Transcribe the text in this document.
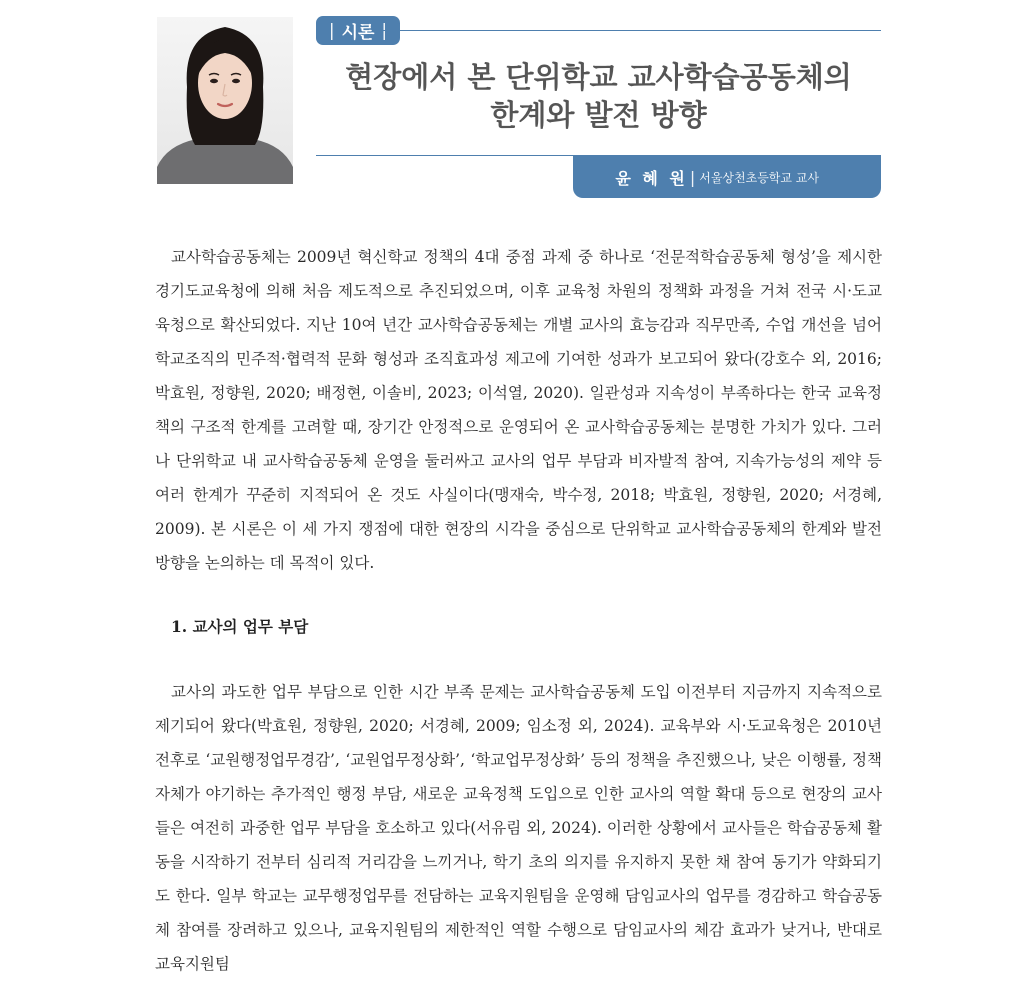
| 시론
현장에서 본 단위학교 교사학습공동체의
한계와 발전 방향
윤 혜 원 | 서울상천초등학교 교사

교사학습공동체는 2009년 혁신학교 정책의 4대 중점 과제 중 하나로 ‘전문적학습공동체 형성’을 제시한 경기도교육청에 의해 처음 제도적으로 추진되었으며, 이후 교육청 차원의 정책화 과정을 거쳐 전국 시·도교육청으로 확산되었다. 지난 10여 년간 교사학습공동체는 개별 교사의 효능감과 직무만족, 수업 개선을 넘어 학교조직의 민주적·협력적 문화 형성과 조직효과성 제고에 기여한 성과가 보고되어 왔다(강호수 외, 2016; 박효원, 정향원, 2020; 배정현, 이솔비, 2023; 이석열, 2020). 일관성과 지속성이 부족하다는 한국 교육정책의 구조적 한계를 고려할 때, 장기간 안정적으로 운영되어 온 교사학습공동체는 분명한 가치가 있다. 그러나 단위학교 내 교사학습공동체 운영을 둘러싸고 교사의 업무 부담과 비자발적 참여, 지속가능성의 제약 등 여러 한계가 꾸준히 지적되어 온 것도 사실이다(맹재숙, 박수정, 2018; 박효원, 정향원, 2020; 서경혜, 2009). 본 시론은 이 세 가지 쟁점에 대한 현장의 시각을 중심으로 단위학교 교사학습공동체의 한계와 발전 방향을 논의하는 데 목적이 있다.

1. 교사의 업무 부담

교사의 과도한 업무 부담으로 인한 시간 부족 문제는 교사학습공동체 도입 이전부터 지금까지 지속적으로 제기되어 왔다(박효원, 정향원, 2020; 서경혜, 2009; 임소정 외, 2024). 교육부와 시·도교육청은 2010년 전후로 ‘교원행정업무경감’, ‘교원업무정상화’, ‘학교업무정상화’ 등의 정책을 추진했으나, 낮은 이행률, 정책 자체가 야기하는 추가적인 행정 부담, 새로운 교육정책 도입으로 인한 교사의 역할 확대 등으로 현장의 교사들은 여전히 과중한 업무 부담을 호소하고 있다(서유림 외, 2024). 이러한 상황에서 교사들은 학습공동체 활동을 시작하기 전부터 심리적 거리감을 느끼거나, 학기 초의 의지를 유지하지 못한 채 참여 동기가 약화되기도 한다. 일부 학교는 교무행정업무를 전담하는 교육지원팀을 운영해 담임교사의 업무를 경감하고 학습공동체 참여를 장려하고 있으나, 교육지원팀의 제한적인 역할 수행으로 담임교사의 체감 효과가 낮거나, 반대로 교육지원팀
